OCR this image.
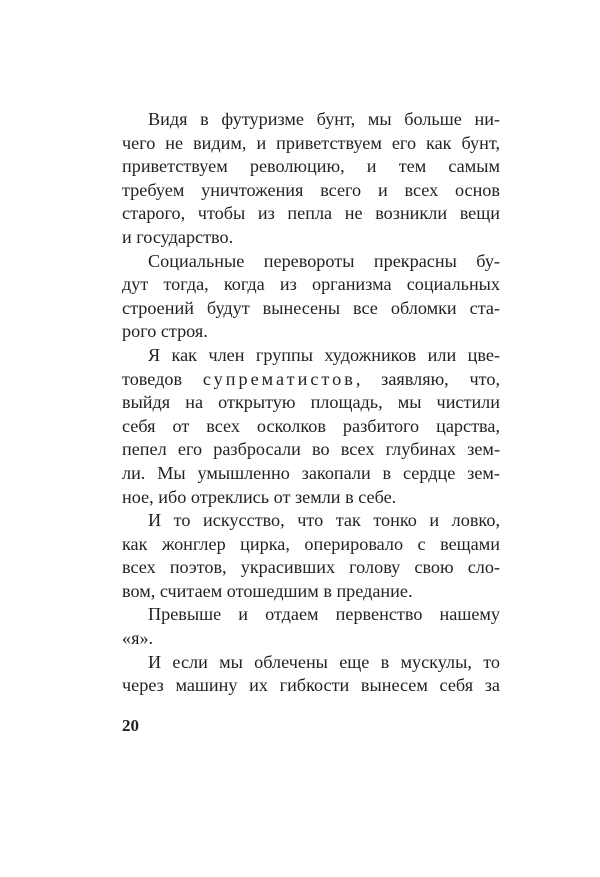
Видя в футуризме бунт, мы больше ни-
чего не видим, и приветствуем его как бунт,
приветствуем революцию, и тем самым
требуем уничтожения всего и всех основ
старого, чтобы из пепла не возникли вещи
и государство.
Социальные перевороты прекрасны бу-
дут тогда, когда из организма социальных
строений будут вынесены все обломки ста-
рого строя.
Я как член группы художников или цве-
товедов супрематистов, заявляю, что,
выйдя на открытую площадь, мы чистили
себя от всех осколков разбитого царства,
пепел его разбросали во всех глубинах зем-
ли. Мы умышленно закопали в сердце зем-
ное, ибо отреклись от земли в себе.
И то искусство, что так тонко и ловко,
как жонглер цирка, оперировало с вещами
всех поэтов, украсивших голову свою сло-
вом, считаем отошедшим в предание.
Превыше и отдаем первенство нашему
«я».
И если мы облечены еще в мускулы, то
через машину их гибкости вынесем себя за
20
